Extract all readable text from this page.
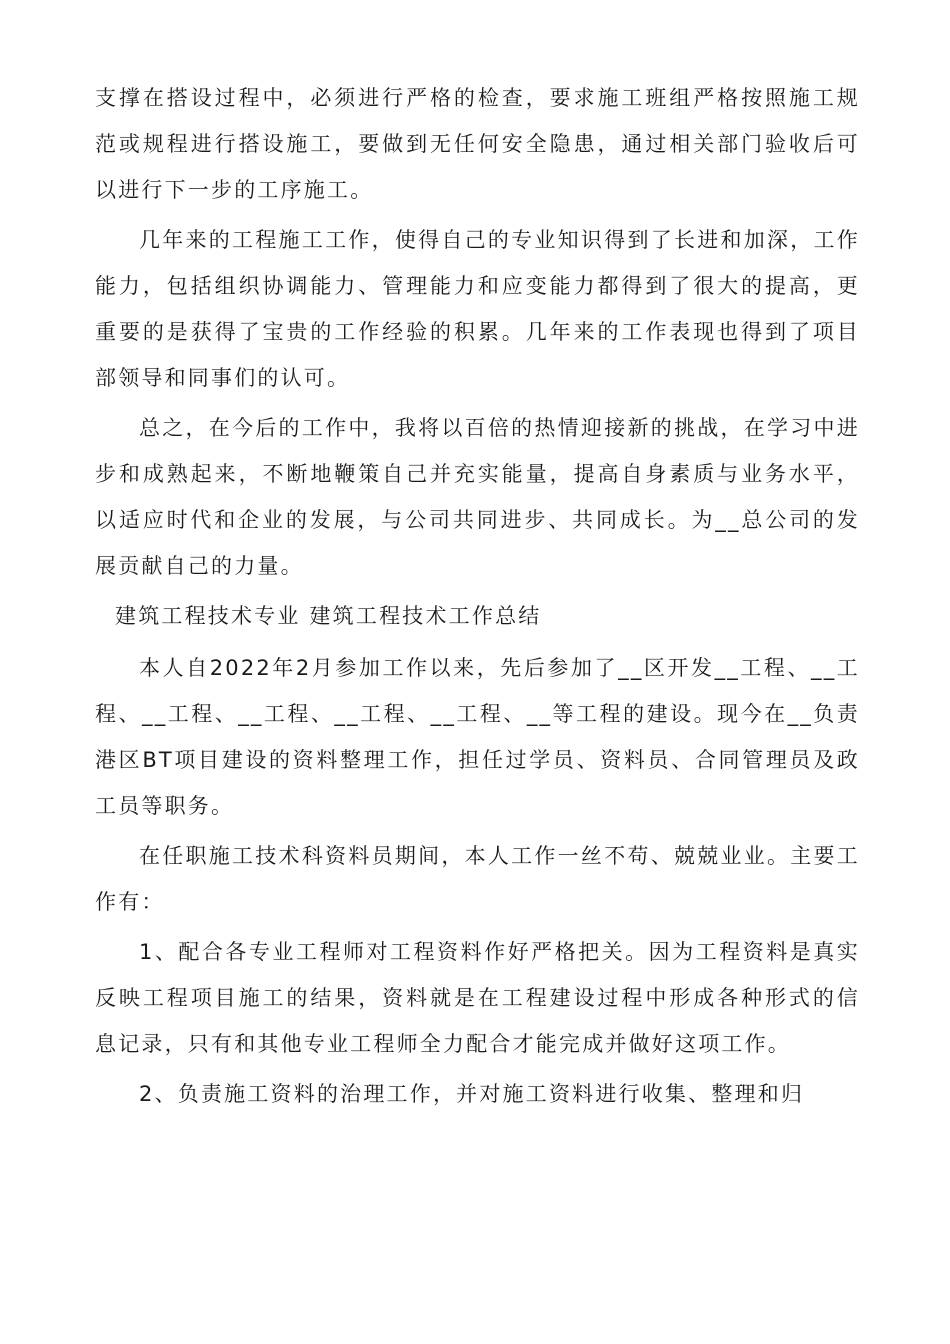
支撑在搭设过程中，必须进行严格的检查，要求施工班组严格按照施工规范或规程进行搭设施工，要做到无任何安全隐患，通过相关部门验收后可以进行下一步的工序施工。

几年来的工程施工工作，使得自己的专业知识得到了长进和加深，工作能力，包括组织协调能力、管理能力和应变能力都得到了很大的提高，更重要的是获得了宝贵的工作经验的积累。几年来的工作表现也得到了项目部领导和同事们的认可。

总之，在今后的工作中，我将以百倍的热情迎接新的挑战，在学习中进步和成熟起来，不断地鞭策自己并充实能量，提高自身素质与业务水平，以适应时代和企业的发展，与公司共同进步、共同成长。为__总公司的发展贡献自己的力量。

建筑工程技术专业 建筑工程技术工作总结

本人自2022年2月参加工作以来，先后参加了__区开发__工程、__工程、__工程、__工程、__工程、__工程、__等工程的建设。现今在__负责港区BT项目建设的资料整理工作，担任过学员、资料员、合同管理员及政工员等职务。

在任职施工技术科资料员期间，本人工作一丝不苟、兢兢业业。主要工作有：

1、配合各专业工程师对工程资料作好严格把关。因为工程资料是真实反映工程项目施工的结果，资料就是在工程建设过程中形成各种形式的信息记录，只有和其他专业工程师全力配合才能完成并做好这项工作。

2、负责施工资料的治理工作，并对施工资料进行收集、整理和归
